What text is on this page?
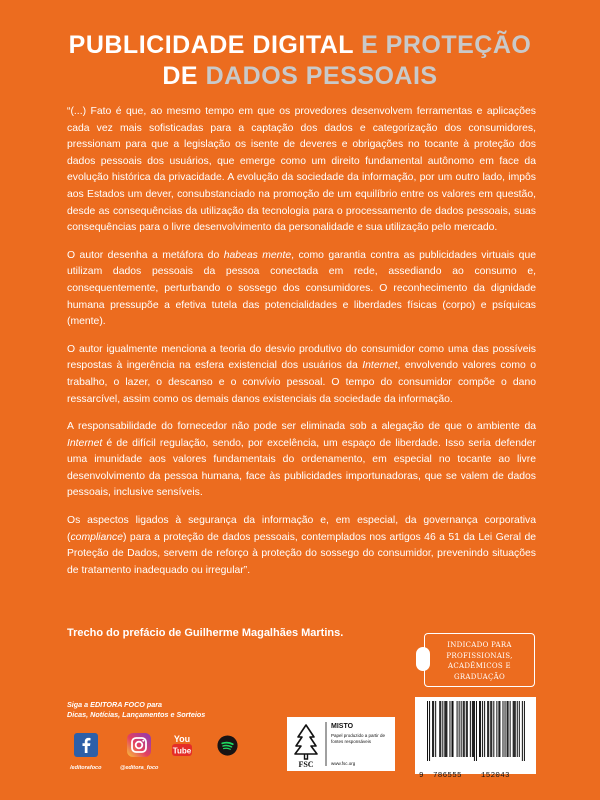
PUBLICIDADE DIGITAL E PROTEÇÃO
DE DADOS PESSOAIS

“(...) Fato é que, ao mesmo tempo em que os provedores desenvolvem ferramentas e aplicações cada vez mais sofisticadas para a captação dos dados e categorização dos consumidores, pressionam para que a legislação os isente de deveres e obrigações no tocante à proteção dos dados pessoais dos usuários, que emerge como um direito fundamental autônomo em face da evolução histórica da privacidade. A evolução da sociedade da informação, por um outro lado, impôs aos Estados um dever, consubstanciado na promoção de um equilíbrio entre os valores em questão, desde as consequências da utilização da tecnologia para o processamento de dados pessoais, suas consequências para o livre desenvolvimento da personalidade e sua utilização pelo mercado.

O autor desenha a metáfora do habeas mente, como garantia contra as publicidades virtuais que utilizam dados pessoais da pessoa conectada em rede, assediando ao consumo e, consequentemente, perturbando o sossego dos consumidores. O reconhecimento da dignidade humana pressupõe a efetiva tutela das potencialidades e liberdades físicas (corpo) e psíquicas (mente).

O autor igualmente menciona a teoria do desvio produtivo do consumidor como uma das possíveis respostas à ingerência na esfera existencial dos usuários da Internet, envolvendo valores como o trabalho, o lazer, o descanso e o convívio pessoal. O tempo do consumidor compõe o dano ressarcível, assim como os demais danos existenciais da sociedade da informação.

A responsabilidade do fornecedor não pode ser eliminada sob a alegação de que o ambiente da Internet é de difícil regulação, sendo, por excelência, um espaço de liberdade. Isso seria defender uma imunidade aos valores fundamentais do ordenamento, em especial no tocante ao livre desenvolvimento da pessoa humana, face às publicidades importunadoras, que se valem de dados pessoais, inclusive sensíveis.

Os aspectos ligados à segurança da informação e, em especial, da governança corporativa (compliance) para a proteção de dados pessoais, contemplados nos artigos 46 a 51 da Lei Geral de Proteção de Dados, servem de reforço à proteção do sossego do consumidor, prevenindo situações de tratamento inadequado ou irregular”.

Trecho do prefácio de Guilherme Magalhães Martins.
INDICADO PARA
PROFISSIONAIS,
ACADÊMICOS E
GRADUAÇÃO
Siga a EDITORA FOCO para
Dicas, Notícias, Lançamentos e Sorteios
/editorafoco	@editora_foco
You
Tube
FSC
MISTO
Papel produzido a partir de fontes responsáveis
www.fsc.org
9 786555	152043
